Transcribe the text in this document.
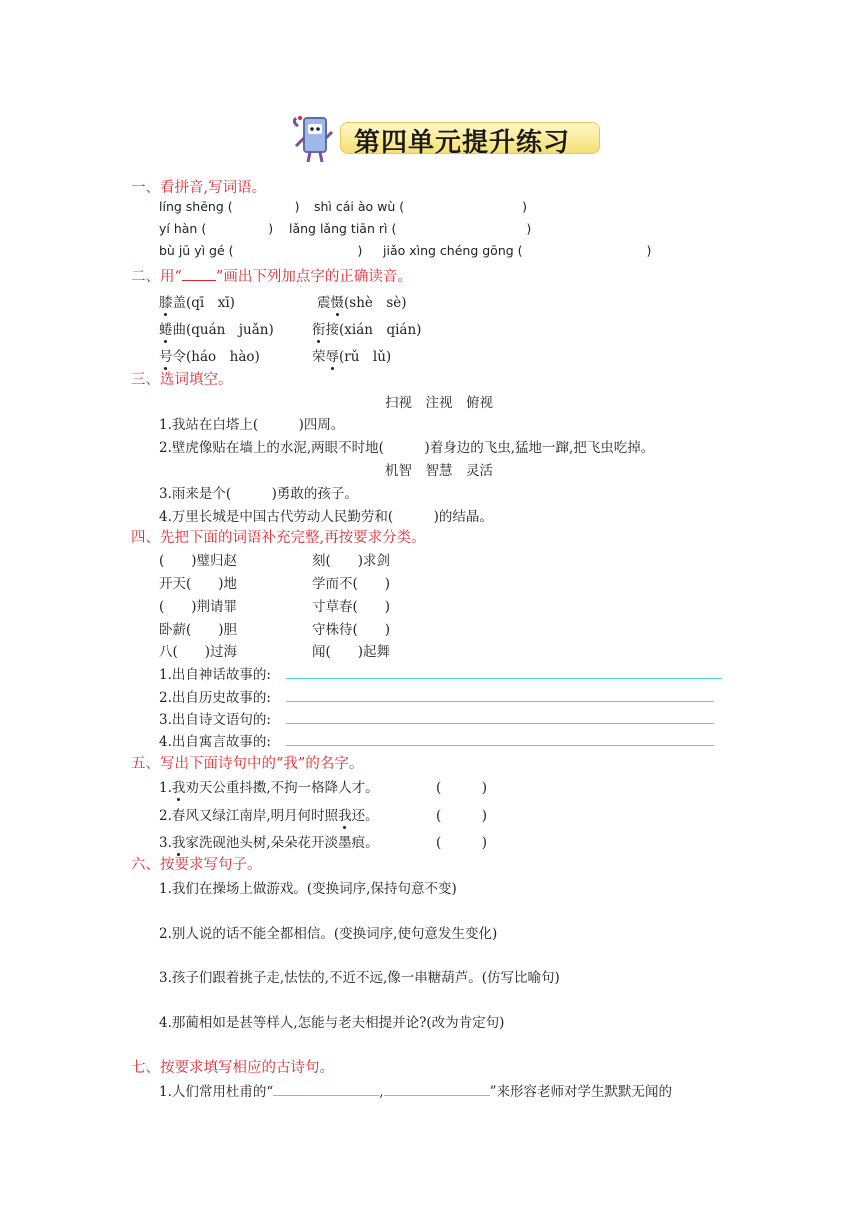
第四单元提升练习
一、看拼音,写词语。
líng shēng (	) shì cái ào wù (	)
yí hàn (	) lǎng lǎng tiān rì (	)
bù jū yì gé (	) jiǎo xìng chéng gōng (	)
二、用“ ”画出下列加点字的正确读音。
膝盖(qī　xī)	震慑(shè　sè)
蜷曲(quán　juǎn)	衔接(xián　qián)
号令(háo　hào)	荣辱(rǔ　lǔ)
三、选词填空。
扫视　注视　俯视
1.我站在白塔上(　　　)四周。
2.壁虎像贴在墙上的水泥,两眼不时地(　　　)着身边的飞虫,猛地一蹿,把飞虫吃掉。
机智　智慧　灵活
3.雨来是个(　　　)勇敢的孩子。
4.万里长城是中国古代劳动人民勤劳和(　　　)的结晶。
四、先把下面的词语补充完整,再按要求分类。
(　　)璧归赵	刻(　　)求剑
开天(　　)地	学而不(　　)
(　　)荆请罪	寸草春(　　)
卧薪(　　)胆	守株待(　　)
八(　　)过海	闻(　　)起舞
1.出自神话故事的:
2.出自历史故事的:
3.出自诗文语句的:
4.出自寓言故事的:
五、写出下面诗句中的“我”的名字。
1.我劝天公重抖擞,不拘一格降人才。	(　　　)
2.春风又绿江南岸,明月何时照我还。	(　　　)
3.我家洗砚池头树,朵朵花开淡墨痕。	(　　　)
六、按要求写句子。
1.我们在操场上做游戏。(变换词序,保持句意不变)
2.别人说的话不能全都相信。(变换词序,使句意发生变化)
3.孩子们跟着挑子走,怯怯的,不近不远,像一串糖葫芦。(仿写比喻句)
4.那蔺相如是甚等样人,怎能与老夫相提并论?(改为肯定句)
七、按要求填写相应的古诗句。
1.人们常用杜甫的“	,	”来形容老师对学生默默无闻的
